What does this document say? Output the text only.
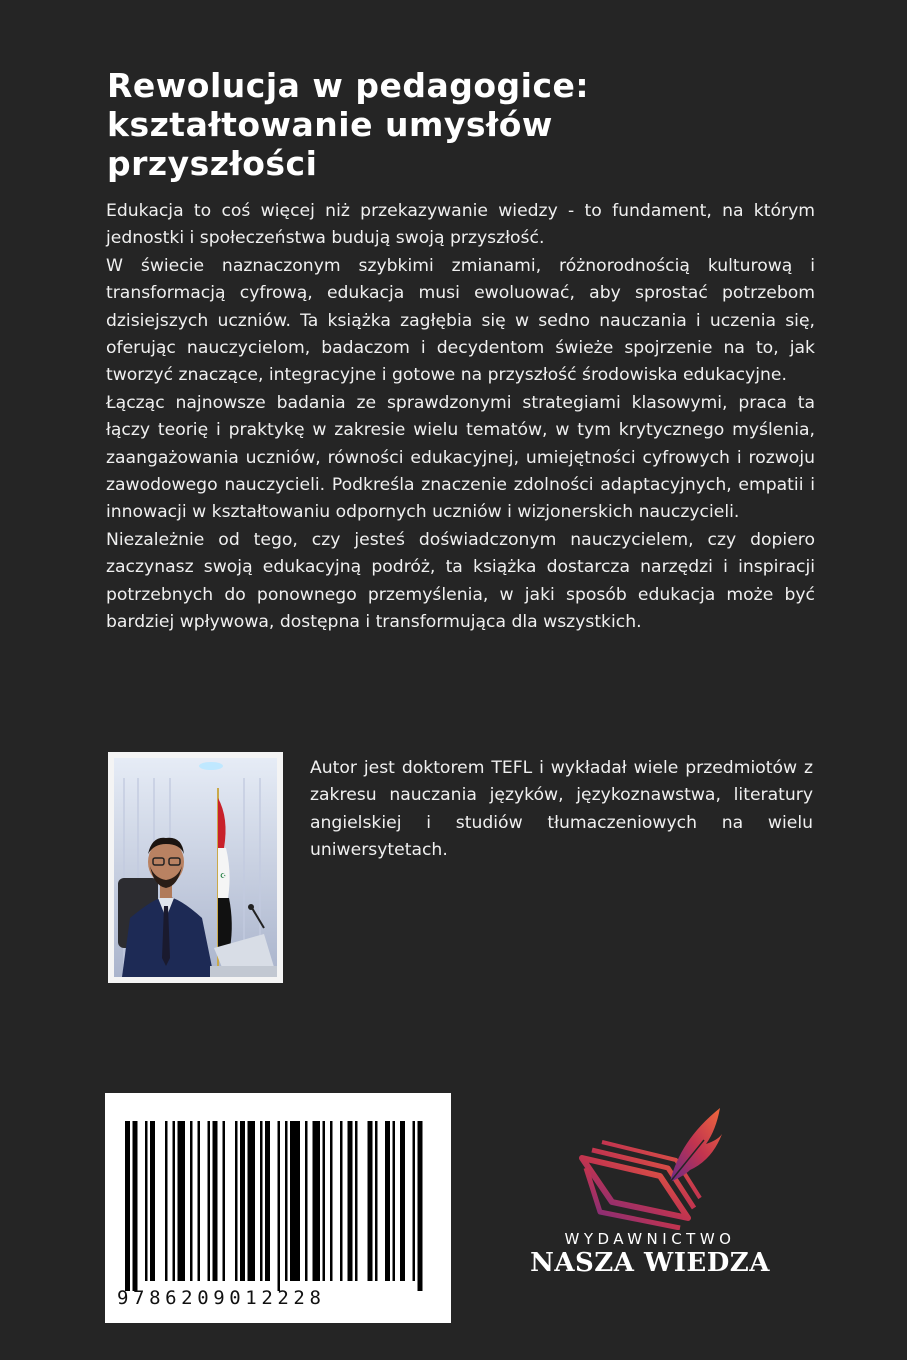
Rewolucja w pedagogice:
kształtowanie umysłów
przyszłości

Edukacja to coś więcej niż przekazywanie wiedzy - to fundament, na którym jednostki i społeczeństwa budują swoją przyszłość.

W świecie naznaczonym szybkimi zmianami, różnorodnością kulturową i transformacją cyfrową, edukacja musi ewoluować, aby sprostać potrzebom dzisiejszych uczniów. Ta książka zagłębia się w sedno nauczania i uczenia się, oferując nauczycielom, badaczom i decydentom świeże spojrzenie na to, jak tworzyć znaczące, integracyjne i gotowe na przyszłość środowiska edukacyjne.

Łącząc najnowsze badania ze sprawdzonymi strategiami klasowymi, praca ta łączy teorię i praktykę w zakresie wielu tematów, w tym krytycznego myślenia, zaangażowania uczniów, równości edukacyjnej, umiejętności cyfrowych i rozwoju zawodowego nauczycieli. Podkreśla znaczenie zdolności adaptacyjnych, empatii i innowacji w kształtowaniu odpornych uczniów i wizjonerskich nauczycieli.

Niezależnie od tego, czy jesteś doświadczonym nauczycielem, czy dopiero zaczynasz swoją edukacyjną podróż, ta książka dostarcza narzędzi i inspiracji potrzebnych do ponownego przemyślenia, w jaki sposób edukacja może być bardziej wpływowa, dostępna i transformująca dla wszystkich.

☪
Autor jest doktorem TEFL i wykładał wiele przedmiotów z zakresu nauczania języków, językoznawstwa, literatury angielskiej i studiów tłumaczeniowych na wielu uniwersytetach.
9786209012228
WYDAWNICTWO
NASZA WIEDZA
